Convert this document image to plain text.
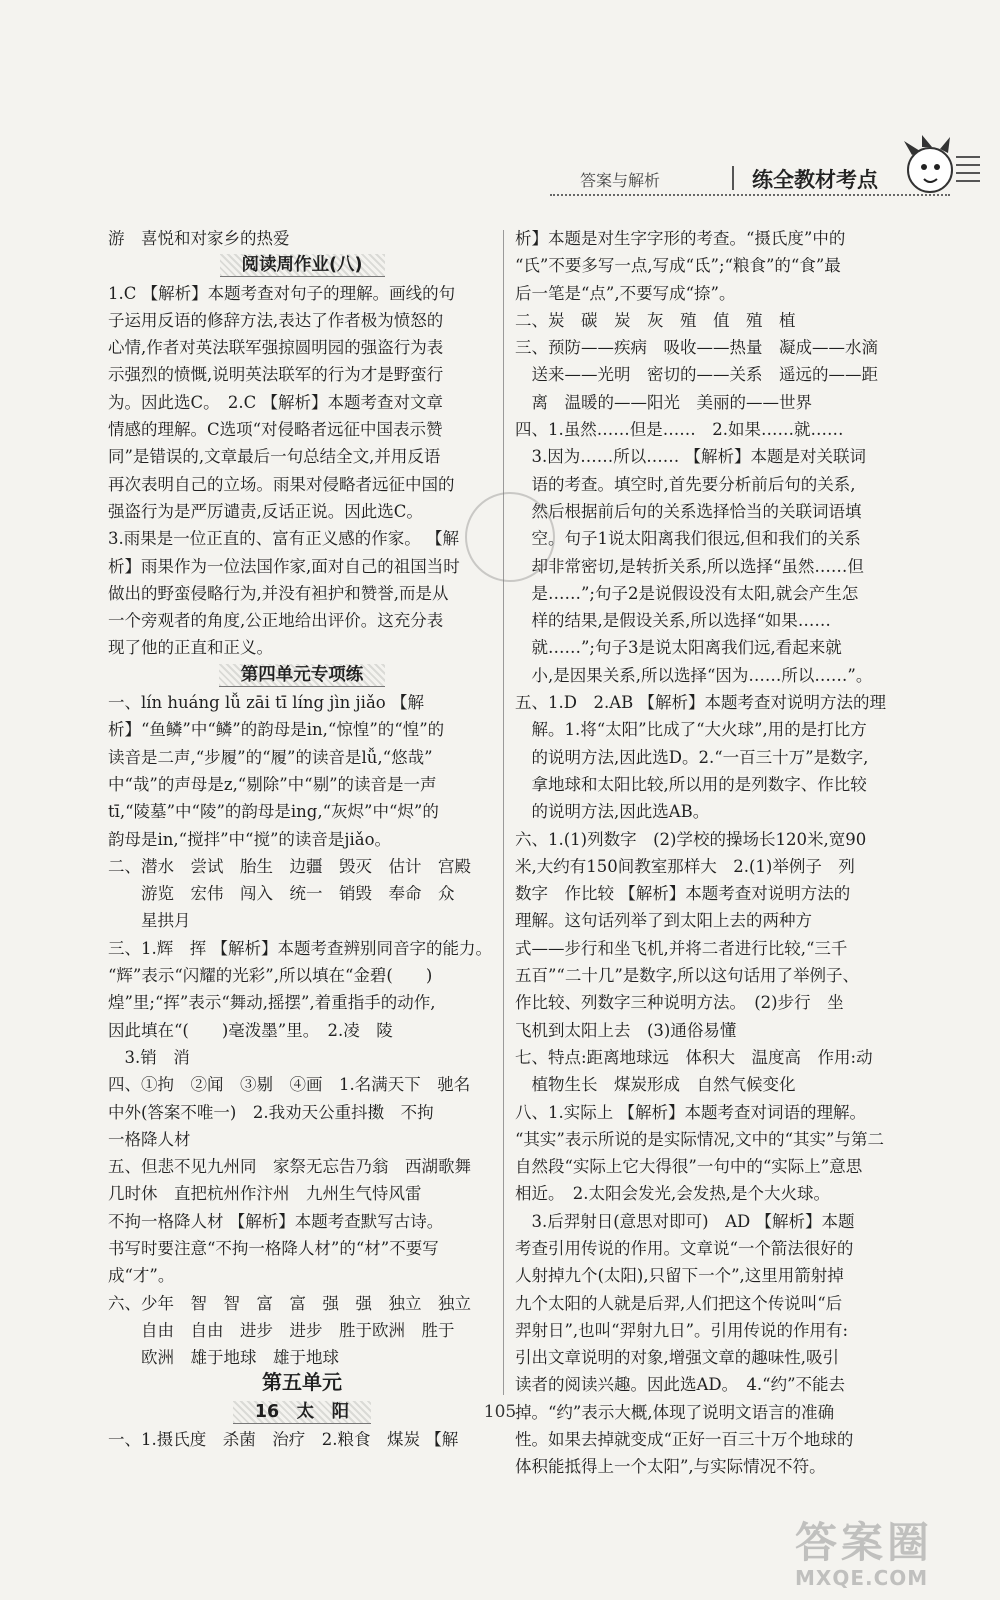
答案与解析	练全教材考点
游　喜悦和对家乡的热爱
阅读周作业(八)
1.C 【解析】本题考查对句子的理解。画线的句
子运用反语的修辞方法,表达了作者极为愤怒的
心情,作者对英法联军强掠圆明园的强盗行为表
示强烈的愤慨,说明英法联军的行为才是野蛮行
为。因此选C。　2.C 【解析】本题考查对文章
情感的理解。C选项“对侵略者远征中国表示赞
同”是错误的,文章最后一句总结全文,并用反语
再次表明自己的立场。雨果对侵略者远征中国的
强盗行为是严厉谴责,反话正说。因此选C。
3.雨果是一位正直的、富有正义感的作家。 【解
析】雨果作为一位法国作家,面对自己的祖国当时
做出的野蛮侵略行为,并没有袒护和赞誉,而是从
一个旁观者的角度,公正地给出评价。这充分表
现了他的正直和正义。
第四单元专项练
一、lín huáng lǚ zāi tī líng jìn jiǎo 【解
析】“鱼鳞”中“鳞”的韵母是in,“惊惶”的“惶”的
读音是二声,“步履”的“履”的读音是lǚ,“悠哉”
中“哉”的声母是z,“剔除”中“剔”的读音是一声
tī,“陵墓”中“陵”的韵母是ing,“灰烬”中“烬”的
韵母是in,“搅拌”中“搅”的读音是jiǎo。
二、潜水　尝试　胎生　边疆　毁灭　估计　宫殿
　　游览　宏伟　闯入　统一　销毁　奉命　众
　　星拱月
三、1.辉　挥 【解析】本题考查辨别同音字的能力。
“辉”表示“闪耀的光彩”,所以填在“金碧(　　)
煌”里;“挥”表示“舞动,摇摆”,着重指手的动作,
因此填在“(　　)毫泼墨”里。　2.凌　陵
　3.销　消
四、①拘　②闻　③剔　④画　1.名满天下　驰名
中外(答案不唯一)　2.我劝天公重抖擞　不拘
一格降人材
五、但悲不见九州同　家祭无忘告乃翁　西湖歌舞
几时休　直把杭州作汴州　九州生气恃风雷
不拘一格降人材 【解析】本题考查默写古诗。
书写时要注意“不拘一格降人材”的“材”不要写
成“才”。
六、少年　智　智　富　富　强　强　独立　独立
　　自由　自由　进步　进步　胜于欧洲　胜于
　　欧洲　雄于地球　雄于地球
第五单元
16　太　阳
一、1.摄氏度　杀菌　治疗　2.粮食　煤炭 【解
析】本题是对生字字形的考查。“摄氏度”中的
“氏”不要多写一点,写成“氐”;“粮食”的“食”最
后一笔是“点”,不要写成“捺”。
二、炭　碳　炭　灰　殖　值　殖　植
三、预防——疾病　吸收——热量　凝成——水滴
　送来——光明　密切的——关系　遥远的——距
　离　温暖的——阳光　美丽的——世界
四、1.虽然……但是……　2.如果……就……
　3.因为……所以…… 【解析】本题是对关联词
　语的考查。填空时,首先要分析前后句的关系,
　然后根据前后句的关系选择恰当的关联词语填
　空。句子1说太阳离我们很远,但和我们的关系
　却非常密切,是转折关系,所以选择“虽然……但
　是……”;句子2是说假设没有太阳,就会产生怎
　样的结果,是假设关系,所以选择“如果……
　就……”;句子3是说太阳离我们远,看起来就
　小,是因果关系,所以选择“因为……所以……”。
五、1.D　2.AB 【解析】本题考查对说明方法的理
　解。1.将“太阳”比成了“大火球”,用的是打比方
　的说明方法,因此选D。2.“一百三十万”是数字,
　拿地球和太阳比较,所以用的是列数字、作比较
　的说明方法,因此选AB。
六、1.(1)列数字　(2)学校的操场长120米,宽90
米,大约有150间教室那样大　2.(1)举例子　列
数字　作比较 【解析】本题考查对说明方法的
理解。这句话列举了到太阳上去的两种方
式——步行和坐飞机,并将二者进行比较,“三千
五百”“二十几”是数字,所以这句话用了举例子、
作比较、列数字三种说明方法。　(2)步行　坐
飞机到太阳上去　(3)通俗易懂
七、特点:距离地球远　体积大　温度高　作用:动
　植物生长　煤炭形成　自然气候变化
八、1.实际上 【解析】本题考查对词语的理解。
“其实”表示所说的是实际情况,文中的“其实”与第二
自然段“实际上它大得很”一句中的“实际上”意思
相近。　2.太阳会发光,会发热,是个大火球。
　3.后羿射日(意思对即可)　AD 【解析】本题
考查引用传说的作用。文章说“一个箭法很好的
人射掉九个(太阳),只留下一个”,这里用箭射掉
九个太阳的人就是后羿,人们把这个传说叫“后
羿射日”,也叫“羿射九日”。引用传说的作用有:
引出文章说明的对象,增强文章的趣味性,吸引
读者的阅读兴趣。因此选AD。　4.“约”不能去
掉。“约”表示大概,体现了说明文语言的准确
性。如果去掉就变成“正好一百三十万个地球的
体积能抵得上一个太阳”,与实际情况不符。
105
答案圈
MXQE.COM
